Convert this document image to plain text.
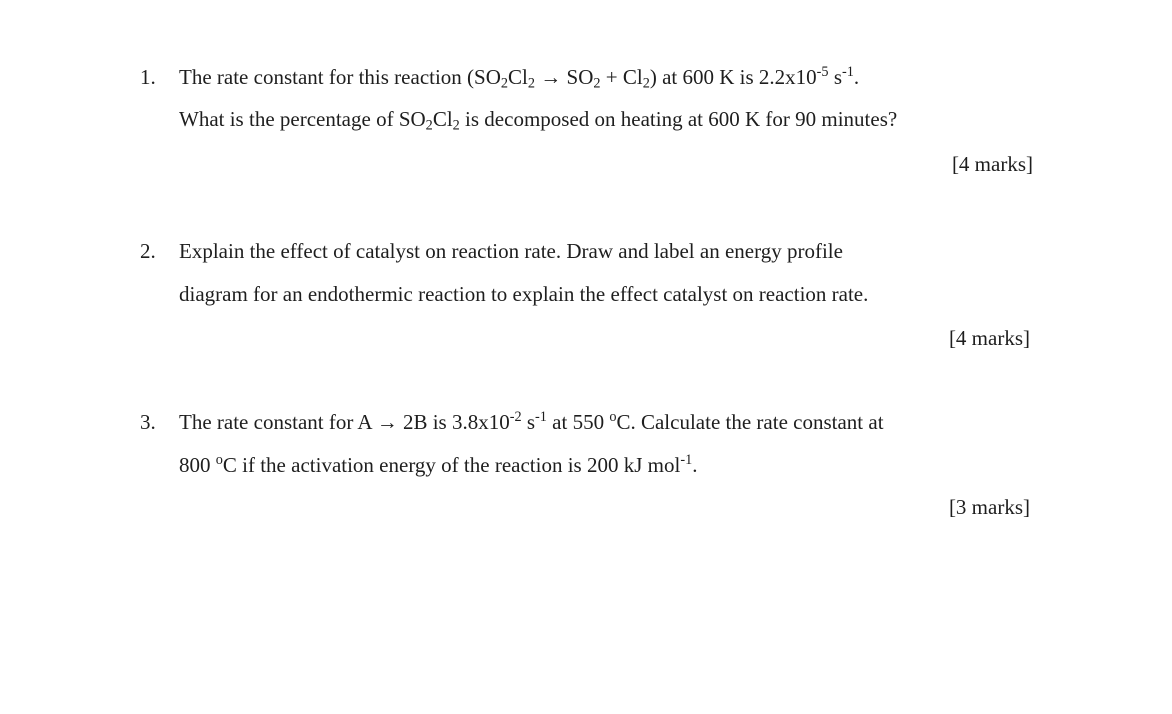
1. The rate constant for this reaction $(SO_2Cl_2 \to SO_2 + Cl_2)$ at 600 K is $2.2x10^{-5}$ $s^{-1}$.
What is the percentage of $SO_2Cl_2$ is decomposed on heating at 600 K for 90 minutes?
[4 marks]
2. Explain the effect of catalyst on reaction rate. Draw and label an energy profile
diagram for an endothermic reaction to explain the effect catalyst on reaction rate.
[4 marks]
3. The rate constant for A → 2B is $3.8x10^{-2}$ $s^{-1}$ at 550 $^o$C. Calculate the rate constant at
800 $^o$C if the activation energy of the reaction is 200 kJ mol$^{-1}$.
[3 marks]
